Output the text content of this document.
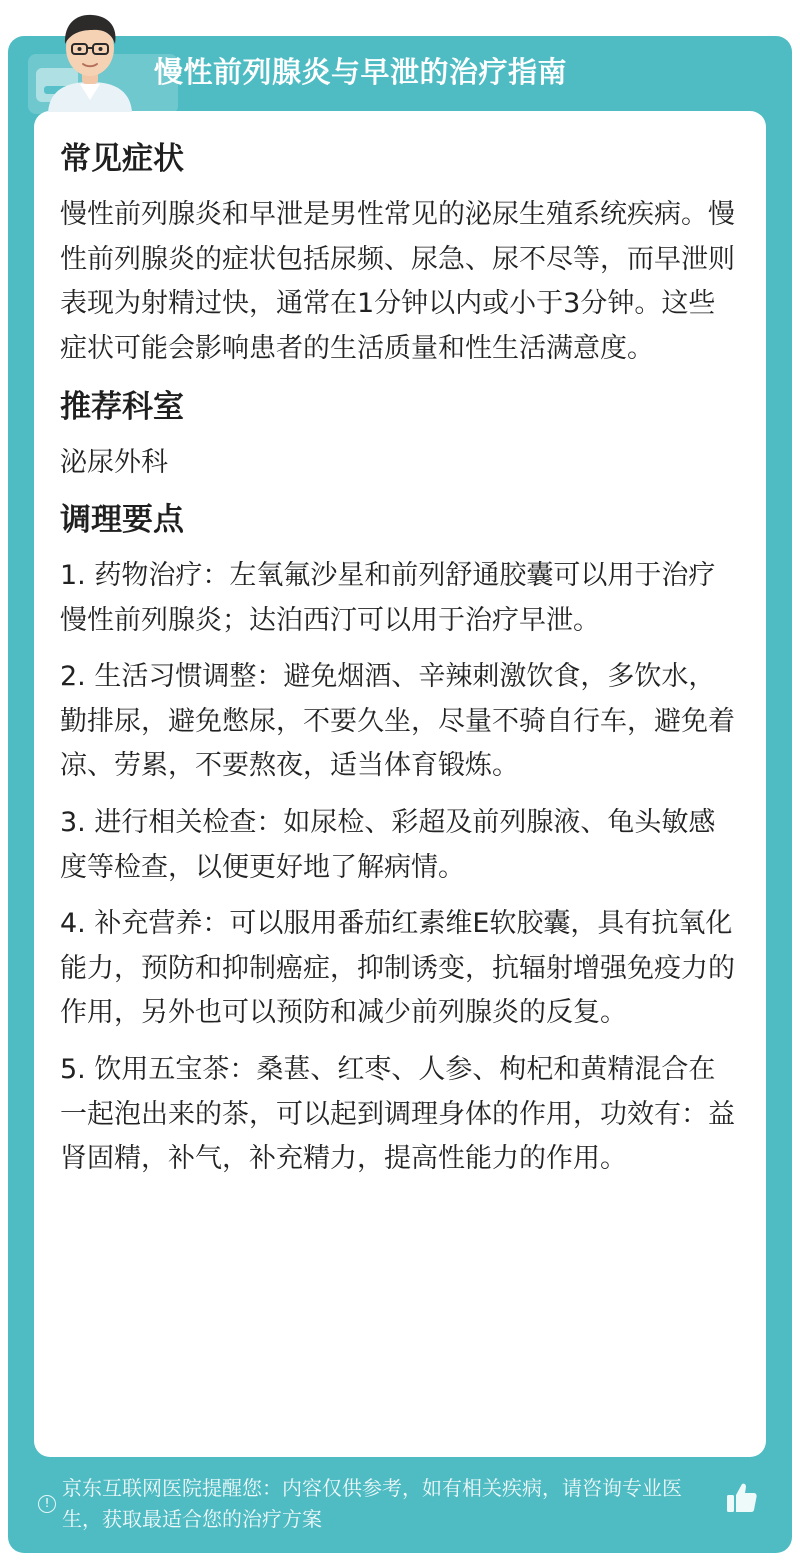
慢性前列腺炎与早泄的治疗指南
常见症状
慢性前列腺炎和早泄是男性常见的泌尿生殖系统疾病。慢性前列腺炎的症状包括尿频、尿急、尿不尽等，而早泄则表现为射精过快，通常在1分钟以内或小于3分钟。这些症状可能会影响患者的生活质量和性生活满意度。
推荐科室
泌尿外科
调理要点
1. 药物治疗：左氧氟沙星和前列舒通胶囊可以用于治疗慢性前列腺炎；达泊西汀可以用于治疗早泄。
2. 生活习惯调整：避免烟酒、辛辣刺激饮食，多饮水，勤排尿，避免憋尿，不要久坐，尽量不骑自行车，避免着凉、劳累，不要熬夜，适当体育锻炼。
3. 进行相关检查：如尿检、彩超及前列腺液、龟头敏感度等检查，以便更好地了解病情。
4. 补充营养：可以服用番茄红素维E软胶囊，具有抗氧化能力，预防和抑制癌症，抑制诱变，抗辐射增强免疫力的作用，另外也可以预防和减少前列腺炎的反复。
5. 饮用五宝茶：桑葚、红枣、人参、枸杞和黄精混合在一起泡出来的茶，可以起到调理身体的作用，功效有：益肾固精，补气，补充精力，提高性能力的作用。
!
京东互联网医院提醒您：内容仅供参考，如有相关疾病，请咨询专业医生，获取最适合您的治疗方案
